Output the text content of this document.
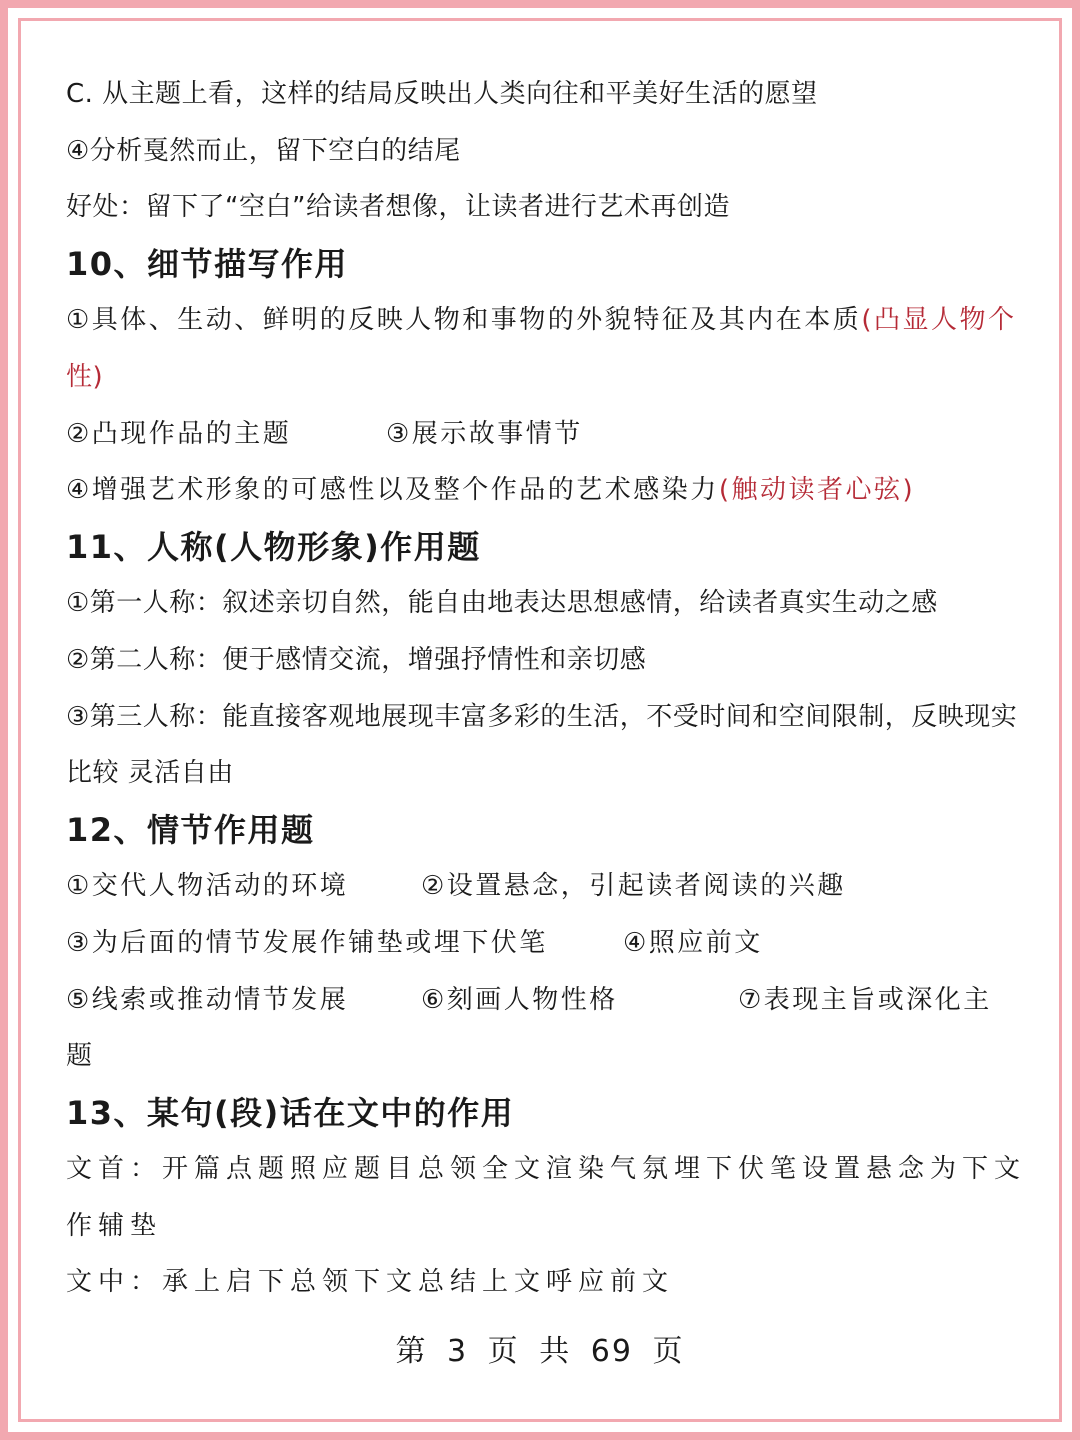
C. 从主题上看，这样的结局反映出人类向往和平美好生活的愿望
④分析戛然而止，留下空白的结尾
好处：留下了“空白”给读者想像，让读者进行艺术再创造
10、细节描写作用
①具体、生动、鲜明的反映人物和事物的外貌特征及其内在本质(凸显人物个
性)
②凸现作品的主题	③展示故事情节
④增强艺术形象的可感性以及整个作品的艺术感染力(触动读者心弦)
11、人称(人物形象)作用题
①第一人称：叙述亲切自然，能自由地表达思想感情，给读者真实生动之感
②第二人称：便于感情交流，增强抒情性和亲切感
③第三人称：能直接客观地展现丰富多彩的生活，不受时间和空间限制，反映现实
比较 灵活自由
12、情节作用题
①交代人物活动的环境	②设置悬念，引起读者阅读的兴趣
③为后面的情节发展作铺垫或埋下伏笔	④照应前文
⑤线索或推动情节发展	⑥刻画人物性格	⑦表现主旨或深化主
题
13、某句(段)话在文中的作用
文首：开篇点题照应题目总领全文渲染气氛埋下伏笔设置悬念为下文
作辅垫
文中：承上启下总领下文总结上文呼应前文
第 3 页 共 69 页
